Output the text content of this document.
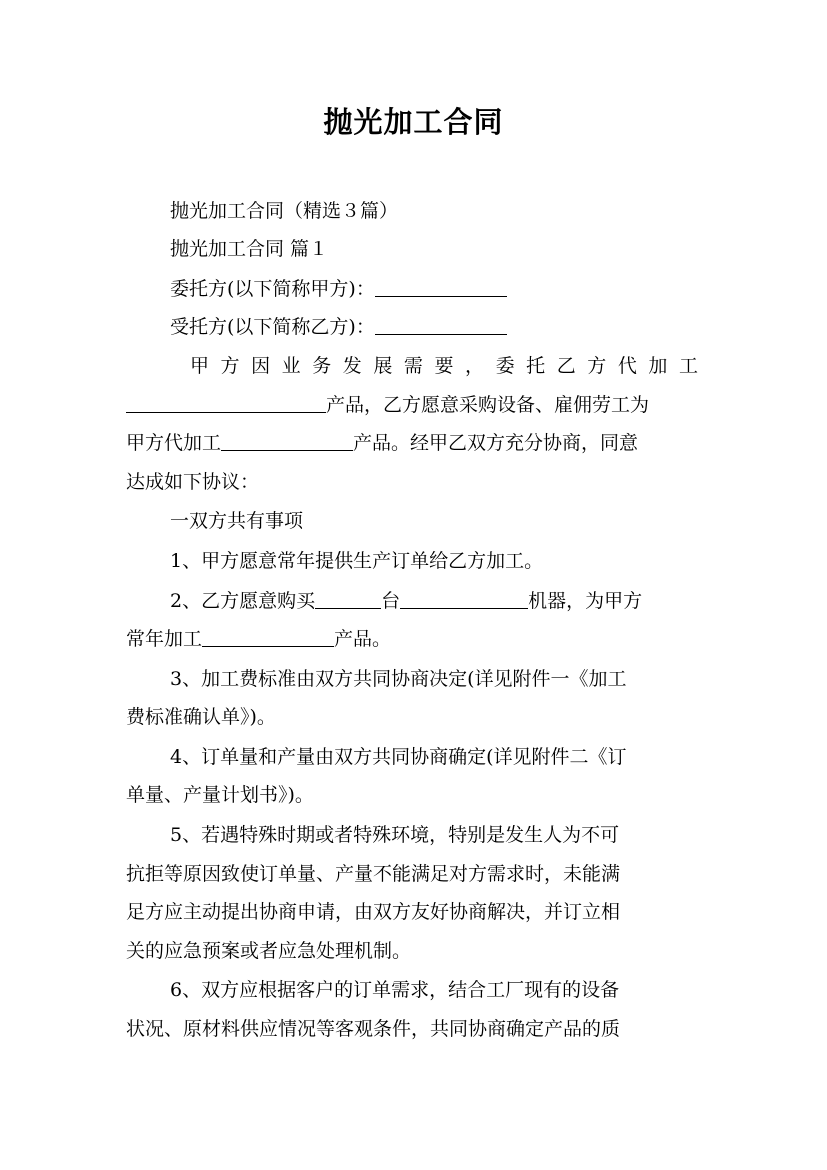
抛光加工合同
抛光加工合同（精选３篇）
抛光加工合同 篇１
委托方(以下简称甲方)：
受托方(以下简称乙方)：
甲方因业务发展需要，委托乙方代加工
产品，乙方愿意采购设备、雇佣劳工为
甲方代加工	产品。经甲乙双方充分协商，同意
达成如下协议：
一双方共有事项
1、甲方愿意常年提供生产订单给乙方加工。
2、乙方愿意购买	台	机器，为甲方
常年加工	产品。
3、加工费标准由双方共同协商决定(详见附件一《加工
费标准确认单》)。
4、订单量和产量由双方共同协商确定(详见附件二《订
单量、产量计划书》)。
5、若遇特殊时期或者特殊环境，特别是发生人为不可
抗拒等原因致使订单量、产量不能满足对方需求时，未能满
足方应主动提出协商申请，由双方友好协商解决，并订立相
关的应急预案或者应急处理机制。
6、双方应根据客户的订单需求，结合工厂现有的设备
状况、原材料供应情况等客观条件，共同协商确定产品的质
